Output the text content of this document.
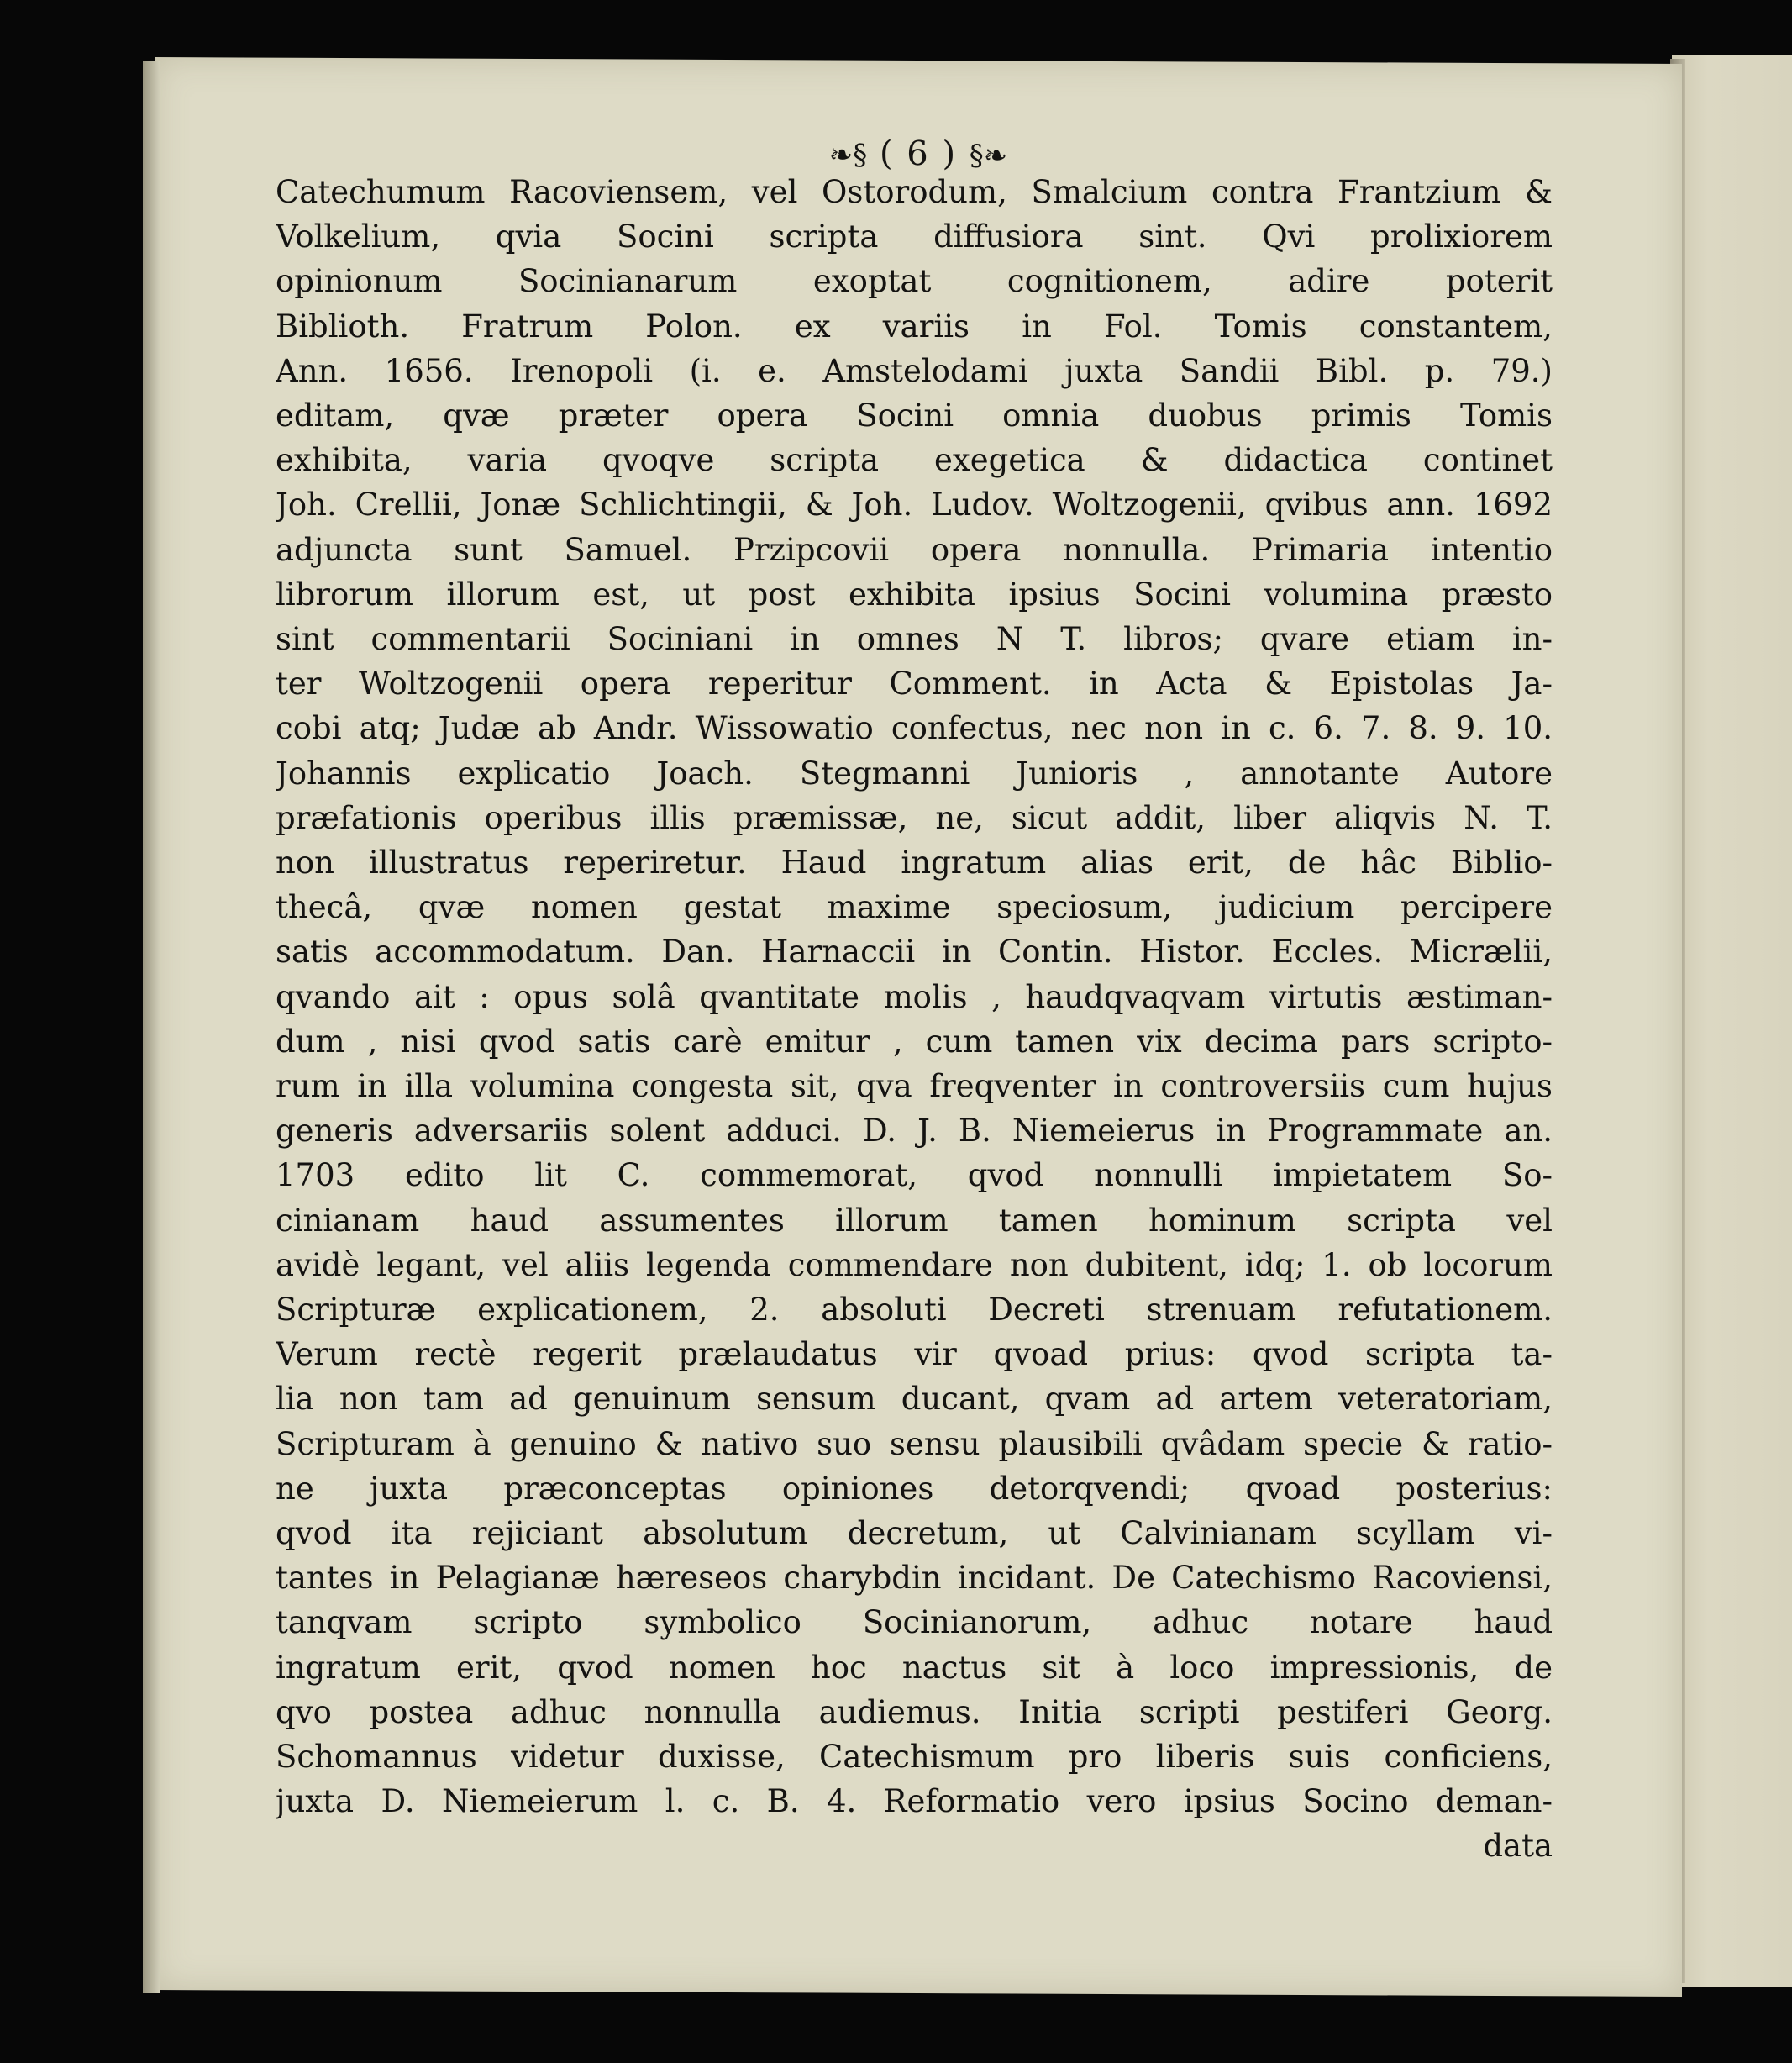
❧§ ( 6 ) §❧
Catechumum Racoviensem, vel Ostorodum, Smalcium contra Frantzium &
Volkelium, qvia Socini scripta diffusiora sint. Qvi prolixiorem
opinionum Socinianarum exoptat cognitionem, adire poterit
Biblioth. Fratrum Polon. ex variis in Fol. Tomis constantem,
Ann. 1656. Irenopoli (i. e. Amstelodami juxta Sandii Bibl. p. 79.)
editam, qvæ præter opera Socini omnia duobus primis Tomis
exhibita, varia qvoqve scripta exegetica & didactica continet
Joh. Crellii, Jonæ Schlichtingii, & Joh. Ludov. Woltzogenii, qvibus ann. 1692
adjuncta sunt Samuel. Przipcovii opera nonnulla. Primaria intentio
librorum illorum est, ut post exhibita ipsius Socini volumina præsto
sint commentarii Sociniani in omnes N T. libros; qvare etiam in-
ter Woltzogenii opera reperitur Comment. in Acta & Epistolas Ja-
cobi atq; Judæ ab Andr. Wissowatio confectus, nec non in c. 6. 7. 8. 9. 10.
Johannis explicatio Joach. Stegmanni Junioris , annotante Autore
præfationis operibus illis præmissæ, ne, sicut addit, liber aliqvis N. T.
non illustratus reperiretur. Haud ingratum alias erit, de hâc Biblio-
thecâ, qvæ nomen gestat maxime speciosum, judicium percipere
satis accommodatum. Dan. Harnaccii in Contin. Histor. Eccles. Micrælii,
qvando ait : opus solâ qvantitate molis , haudqvaqvam virtutis æstiman-
dum , nisi qvod satis carè emitur , cum tamen vix decima pars scripto-
rum in illa volumina congesta sit, qva freqventer in controversiis cum hujus
generis adversariis solent adduci. D. J. B. Niemeierus in Programmate an.
1703 edito lit C. commemorat, qvod nonnulli impietatem So-
cinianam haud assumentes illorum tamen hominum scripta vel
avidè legant, vel aliis legenda commendare non dubitent, idq; 1. ob locorum
Scripturæ explicationem, 2. absoluti Decreti strenuam refutationem.
Verum rectè regerit prælaudatus vir qvoad prius: qvod scripta ta-
lia non tam ad genuinum sensum ducant, qvam ad artem veteratoriam,
Scripturam à genuino & nativo suo sensu plausibili qvâdam specie & ratio-
ne juxta præconceptas opiniones detorqvendi; qvoad posterius:
qvod ita rejiciant absolutum decretum, ut Calvinianam scyllam vi-
tantes in Pelagianæ hæreseos charybdin incidant. De Catechismo Racoviensi,
tanqvam scripto symbolico Socinianorum, adhuc notare haud
ingratum erit, qvod nomen hoc nactus sit à loco impressionis, de
qvo postea adhuc nonnulla audiemus. Initia scripti pestiferi Georg.
Schomannus videtur duxisse, Catechismum pro liberis suis conficiens,
juxta D. Niemeierum l. c. B. 4. Reformatio vero ipsius Socino deman-
data
